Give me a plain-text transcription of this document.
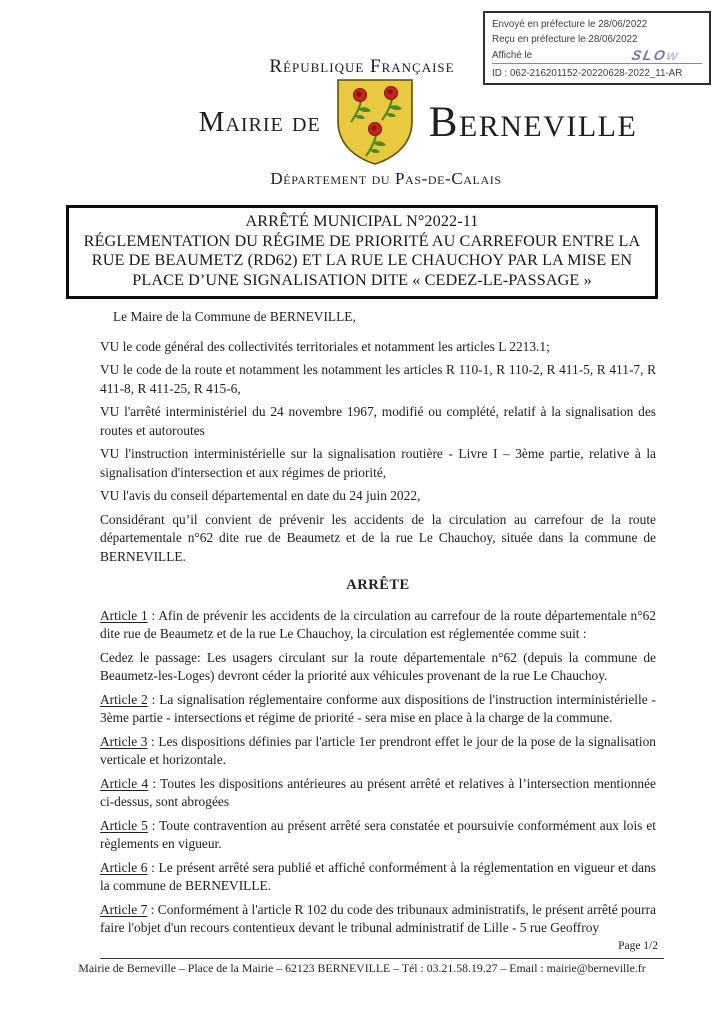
Envoyé en préfecture le 28/06/2022
Reçu en préfecture le 28/06/2022
Affiché le	SLOw
ID : 062-216201152-20220628-2022_11-AR
République Française
Mairie de	Berneville
Département du Pas-de-Calais
ARRÊTÉ MUNICIPAL N°2022-11
RÉGLEMENTATION DU RÉGIME DE PRIORITÉ AU CARREFOUR ENTRE LA
RUE DE BEAUMETZ (RD62) ET LA RUE LE CHAUCHOY PAR LA MISE EN
PLACE D’UNE SIGNALISATION DITE « CEDEZ-LE-PASSAGE »

Le Maire de la Commune de BERNEVILLE,

VU le code général des collectivités territoriales et notamment les articles L 2213.1;

VU le code de la route et notamment les notamment les articles R 110-1, R 110-2, R 411-5, R 411-7, R 411-8, R 411-25, R 415-6,

VU l'arrêté interministériel du 24 novembre 1967, modifié ou complété, relatif à la signalisation des routes et autoroutes

VU l'instruction interministérielle sur la signalisation routière - Livre I – 3ème partie, relative à la signalisation d'intersection et aux régimes de priorité,

VU l'avis du conseil départemental en date du 24 juin 2022,

Considérant qu’il convient de prévenir les accidents de la circulation au carrefour de la route départementale n°62 dite rue de Beaumetz et de la rue Le Chauchoy, située dans la commune de BERNEVILLE.

ARRÊTE

Article 1 : Afin de prévenir les accidents de la circulation au carrefour de la route départementale n°62 dite rue de Beaumetz et de la rue Le Chauchoy, la circulation est réglementée comme suit :

Cedez le passage: Les usagers circulant sur la route départementale n°62 (depuis la commune de Beaumetz-les-Loges) devront céder la priorité aux véhicules provenant de la rue Le Chauchoy.

Article 2 : La signalisation réglementaire conforme aux dispositions de l'instruction interministérielle - 3ème partie - intersections et régime de priorité - sera mise en place à la charge de la commune.

Article 3 : Les dispositions définies par l'article 1er prendront effet le jour de la pose de la signalisation verticale et horizontale.

Article 4 : Toutes les dispositions antérieures au présent arrêté et relatives à l’intersection mentionnée ci-dessus, sont abrogées

Article 5 : Toute contravention au présent arrêté sera constatée et poursuivie conformément aux lois et règlements en vigueur.

Article 6 : Le présent arrêté sera publié et affiché conformément à la réglementation en vigueur et dans la commune de BERNEVILLE.

Article 7 : Conformément à l'article R 102 du code des tribunaux administratifs, le présent arrêté pourra faire l'objet d'un recours contentieux devant le tribunal administratif de Lille - 5 rue Geoffroy

Page 1/2
Mairie de Berneville – Place de la Mairie – 62123 BERNEVILLE – Tél : 03.21.58.19.27 – Email : mairie@berneville.fr
